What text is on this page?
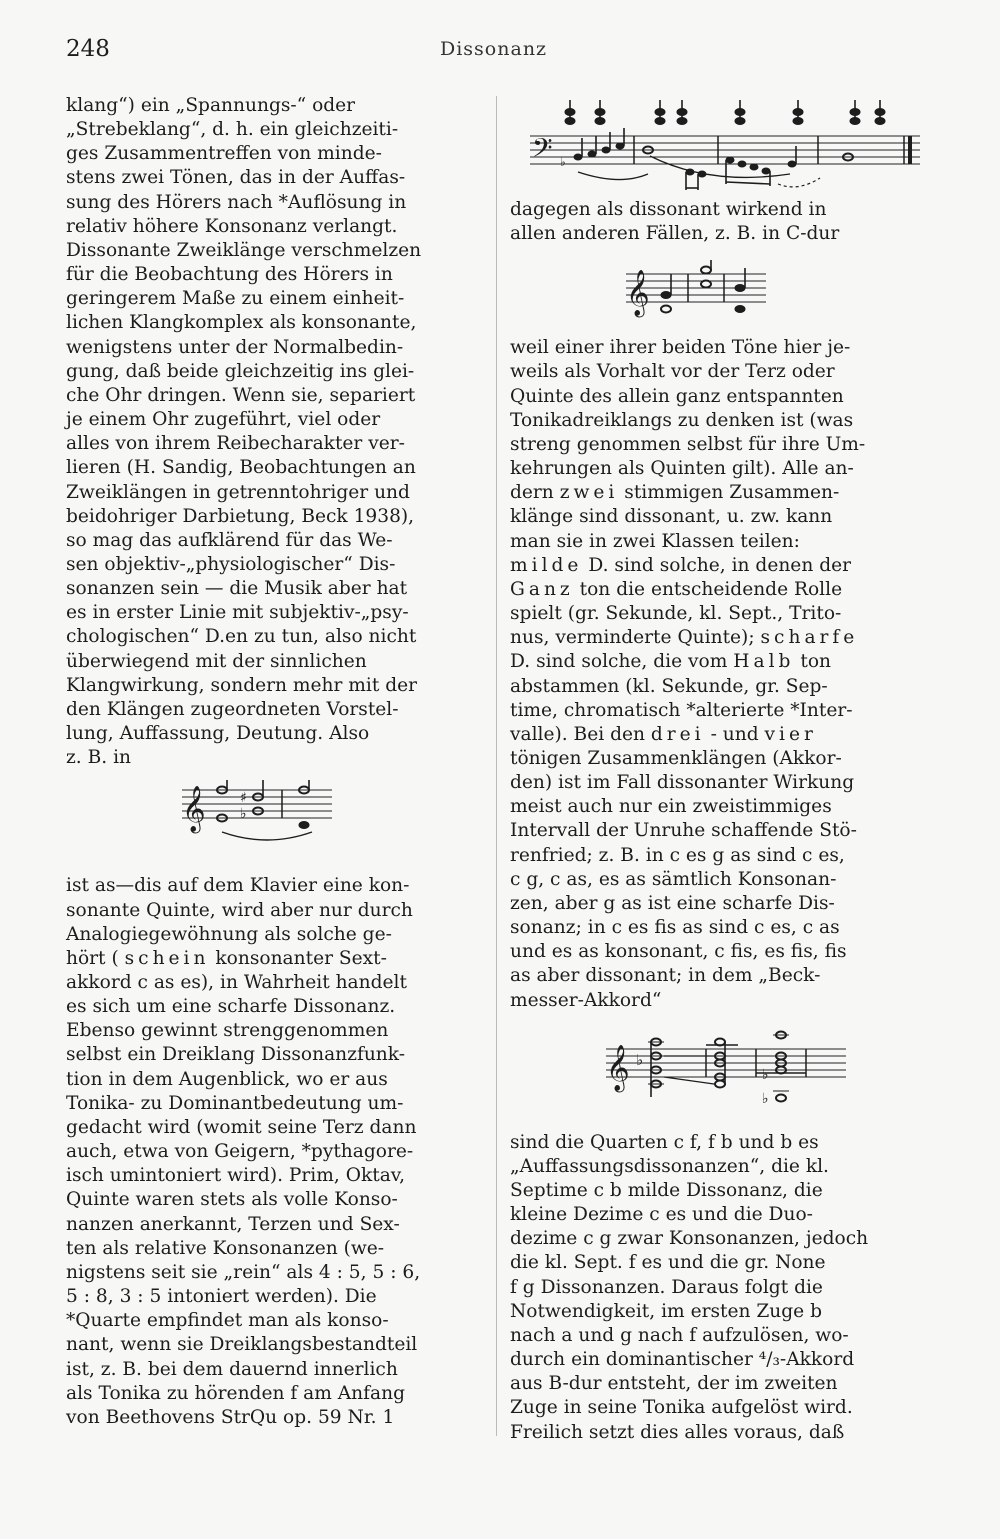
248	Dissonanz
klang“) ein „Spannungs-“ oder
„Strebeklang“, d. h. ein gleichzeiti-
ges Zusammentreffen von minde-
stens zwei Tönen, das in der Auffas-
sung des Hörers nach *Auflösung in
relativ höhere Konsonanz verlangt.
Dissonante Zweiklänge verschmelzen
für die Beobachtung des Hörers in
geringerem Maße zu einem einheit-
lichen Klangkomplex als konsonante,
wenigstens unter der Normalbedin-
gung, daß beide gleichzeitig ins glei-
che Ohr dringen. Wenn sie, separiert
je einem Ohr zugeführt, viel oder
alles von ihrem Reibecharakter ver-
lieren (H. Sandig, Beobachtungen an
Zweiklängen in getrenntohriger und
beidohriger Darbietung, Beck 1938),
so mag das aufklärend für das We-
sen objektiv-„physiologischer“ Dis-
sonanzen sein — die Musik aber hat
es in erster Linie mit subjektiv-„psy-
chologischen“ D.en zu tun, also nicht
überwiegend mit der sinnlichen
Klangwirkung, sondern mehr mit der
den Klängen zugeordneten Vorstel-
lung, Auffassung, Deutung. Also
z. B. in
𝄞 ♯
♭
ist as—dis auf dem Klavier eine kon-
sonante Quinte, wird aber nur durch
Analogiegewöhnung als solche ge-
hört ( schein konsonanter Sext-
akkord c as es), in Wahrheit handelt
es sich um eine scharfe Dissonanz.
Ebenso gewinnt strenggenommen
selbst ein Dreiklang Dissonanzfunk-
tion in dem Augenblick, wo er aus
Tonika- zu Dominantbedeutung um-
gedacht wird (womit seine Terz dann
auch, etwa von Geigern, *pythagore-
isch umintoniert wird). Prim, Oktav,
Quinte waren stets als volle Konso-
nanzen anerkannt, Terzen und Sex-
ten als relative Konsonanzen (we-
nigstens seit sie „rein“ als 4 : 5, 5 : 6,
5 : 8, 3 : 5 intoniert werden). Die
*Quarte empfindet man als konso-
nant, wenn sie Dreiklangsbestandteil
ist, z. B. bei dem dauernd innerlich
als Tonika zu hörenden f am Anfang
von Beethovens StrQu op. 59 Nr. 1
𝄢 ♭
dagegen als dissonant wirkend in
allen anderen Fällen, z. B. in C-dur
𝄞
weil einer ihrer beiden Töne hier je-
weils als Vorhalt vor der Terz oder
Quinte des allein ganz entspannten
Tonikadreiklangs zu denken ist (was
streng genommen selbst für ihre Um-
kehrungen als Quinten gilt). Alle an-
dern zwei stimmigen Zusammen-
klänge sind dissonant, u. zw. kann
man sie in zwei Klassen teilen:
milde D. sind solche, in denen der
Ganz ton die entscheidende Rolle
spielt (gr. Sekunde, kl. Sept., Trito-
nus, verminderte Quinte); scharfe
D. sind solche, die vom Halb ton
abstammen (kl. Sekunde, gr. Sep-
time, chromatisch *alterierte *Inter-
valle). Bei den drei - und vier
tönigen Zusammenklängen (Akkor-
den) ist im Fall dissonanter Wirkung
meist auch nur ein zweistimmiges
Intervall der Unruhe schaffende Stö-
renfried; z. B. in c es g as sind c es,
c g, c as, es as sämtlich Konsonan-
zen, aber g as ist eine scharfe Dis-
sonanz; in c es fis as sind c es, c as
und es as konsonant, c fis, es fis, fis
as aber dissonant; in dem „Beck-
messer-Akkord“
𝄞 ♭
♭
♭
sind die Quarten c f, f b und b es
„Auffassungsdissonanzen“, die kl.
Septime c b milde Dissonanz, die
kleine Dezime c es und die Duo-
dezime c g zwar Konsonanzen, jedoch
die kl. Sept. f es und die gr. None
f g Dissonanzen. Daraus folgt die
Notwendigkeit, im ersten Zuge b
nach a und g nach f aufzulösen, wo-
durch ein dominantischer ⁴/₃-Akkord
aus B-dur entsteht, der im zweiten
Zuge in seine Tonika aufgelöst wird.
Freilich setzt dies alles voraus, daß
